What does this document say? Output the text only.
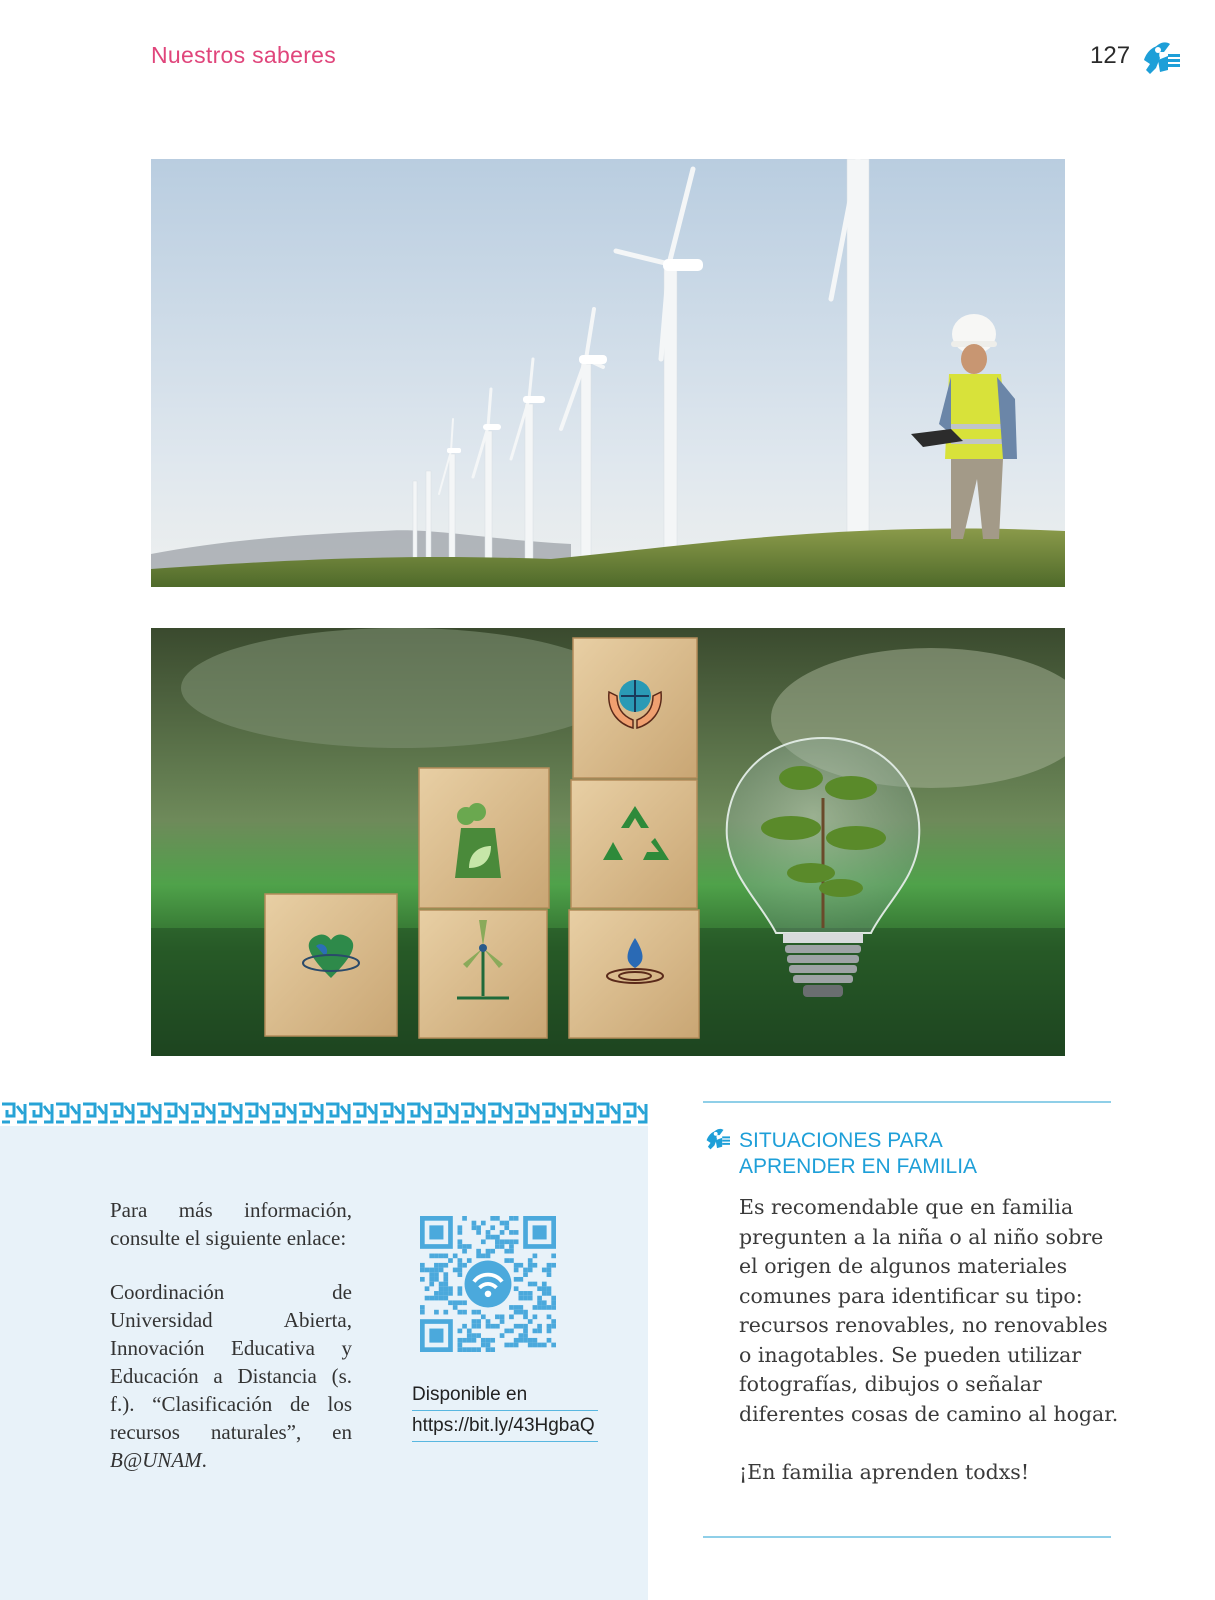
Nuestros saberes	127

Para más información, consulte el siguiente enlace:

Coordinación de Universidad Abierta, Innovación Educativa y Educación a Distancia (s. f.). “Clasificación de los recursos naturales”, en B@UNAM.

Disponible en
https://bit.ly/43HgbaQ
SITUACIONES PARA
APRENDER EN FAMILIA

Es recomendable que en familia pregunten a la niña o al niño sobre el origen de algunos materiales comunes para identificar su tipo: recursos renovables, no renovables o inagotables. Se pueden utilizar fotografías, dibujos o señalar diferentes cosas de camino al hogar.

¡En familia aprenden todxs!
